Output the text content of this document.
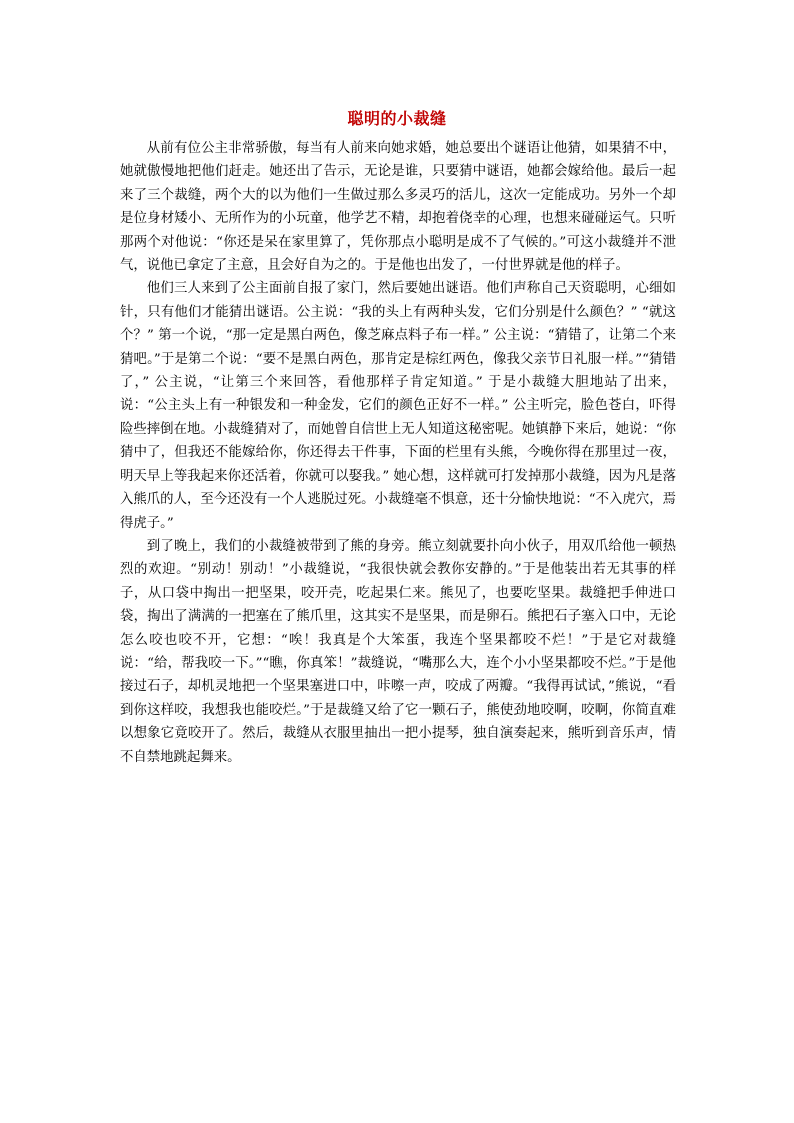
聪明的小裁缝

从前有位公主非常骄傲，每当有人前来向她求婚，她总要出个谜语让他猜，如果猜不中，她就傲慢地把他们赶走。她还出了告示，无论是谁，只要猜中谜语，她都会嫁给他。最后一起来了三个裁缝，两个大的以为他们一生做过那么多灵巧的活儿，这次一定能成功。另外一个却是位身材矮小、无所作为的小玩童，他学艺不精，却抱着侥幸的心理，也想来碰碰运气。只听那两个对他说：“你还是呆在家里算了，凭你那点小聪明是成不了气候的。”可这小裁缝并不泄气，说他已拿定了主意，且会好自为之的。于是他也出发了，一付世界就是他的样子。

他们三人来到了公主面前自报了家门，然后要她出谜语。他们声称自己天资聪明，心细如针，只有他们才能猜出谜语。公主说：“我的头上有两种头发，它们分别是什么颜色？” “就这个？” 第一个说，“那一定是黑白两色，像芝麻点料子布一样。” 公主说：“猜错了，让第二个来猜吧。”于是第二个说：“要不是黑白两色，那肯定是棕红两色，像我父亲节日礼服一样。”“猜错了，” 公主说，“让第三个来回答，看他那样子肯定知道。” 于是小裁缝大胆地站了出来，说：“公主头上有一种银发和一种金发，它们的颜色正好不一样。” 公主听完，脸色苍白，吓得险些摔倒在地。小裁缝猜对了，而她曾自信世上无人知道这秘密呢。她镇静下来后，她说：“你猜中了，但我还不能嫁给你，你还得去干件事，下面的栏里有头熊，今晚你得在那里过一夜，明天早上等我起来你还活着，你就可以娶我。” 她心想，这样就可打发掉那小裁缝，因为凡是落入熊爪的人，至今还没有一个人逃脱过死。小裁缝毫不惧意，还十分愉快地说：“不入虎穴，焉得虎子。”

到了晚上，我们的小裁缝被带到了熊的身旁。熊立刻就要扑向小伙子，用双爪给他一顿热烈的欢迎。“别动！别动！”小裁缝说，“我很快就会教你安静的。”于是他装出若无其事的样子，从口袋中掏出一把坚果，咬开壳，吃起果仁来。熊见了，也要吃坚果。裁缝把手伸进口袋，掏出了满满的一把塞在了熊爪里，这其实不是坚果，而是卵石。熊把石子塞入口中，无论怎么咬也咬不开，它想：“唉！我真是个大笨蛋，我连个坚果都咬不烂！”于是它对裁缝说：“给，帮我咬一下。”“瞧，你真笨！”裁缝说，“嘴那么大，连个小小坚果都咬不烂。”于是他接过石子，却机灵地把一个坚果塞进口中，咔嚓一声，咬成了两瓣。“我得再试试，”熊说，“看到你这样咬，我想我也能咬烂。”于是裁缝又给了它一颗石子，熊使劲地咬啊，咬啊，你简直难以想象它竟咬开了。然后，裁缝从衣服里抽出一把小提琴，独自演奏起来，熊听到音乐声，情不自禁地跳起舞来。
